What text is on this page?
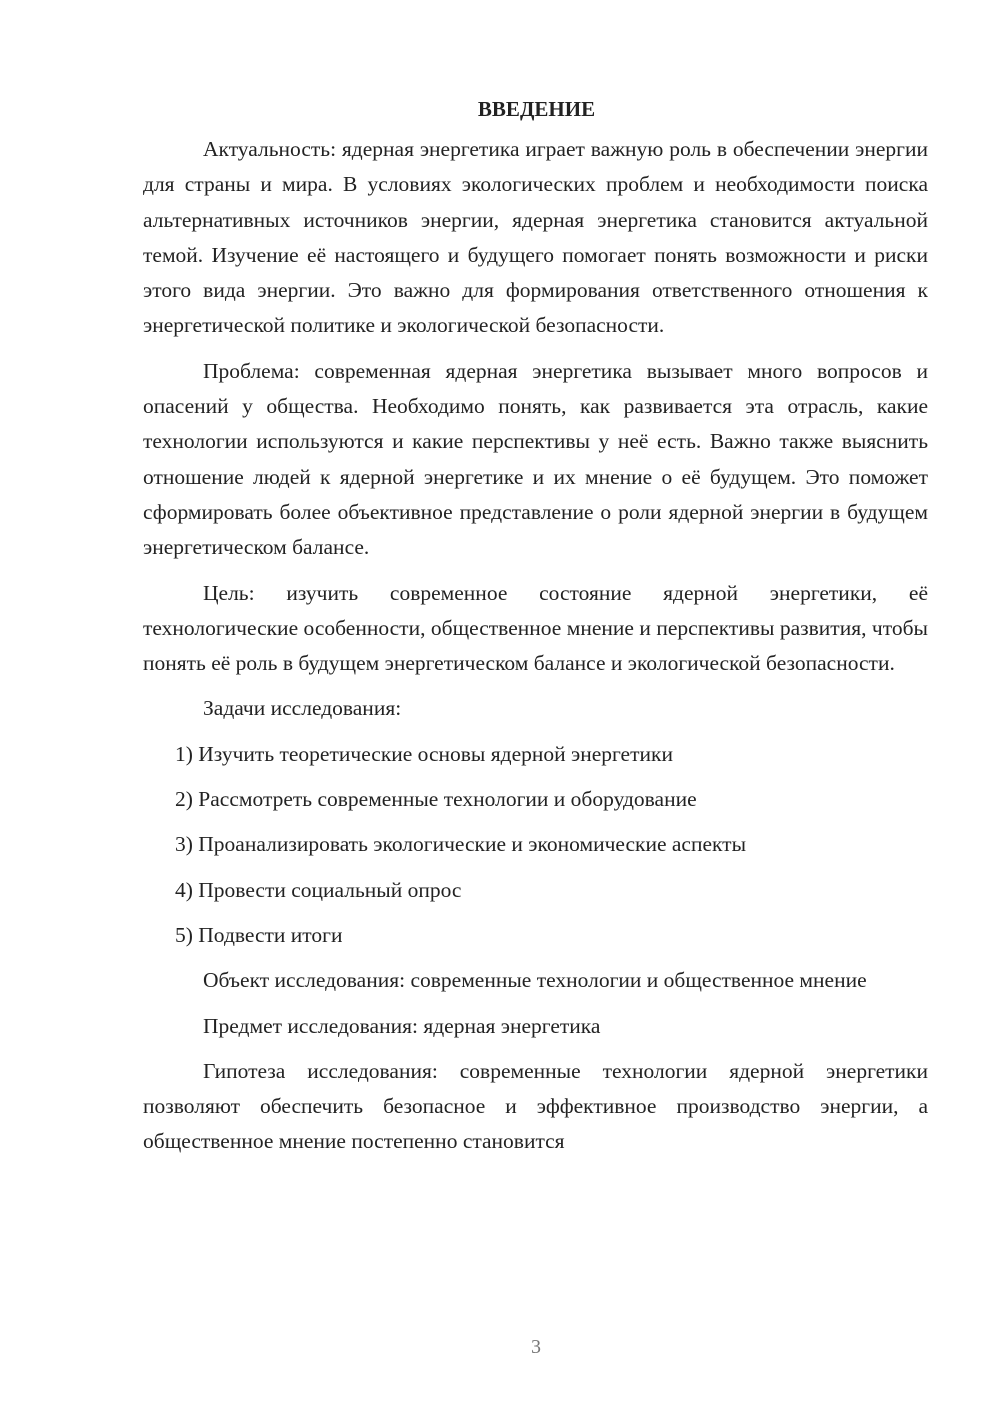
ВВЕДЕНИЕ

Актуальность: ядерная энергетика играет важную роль в обеспечении энергии для страны и мира. В условиях экологических проблем и необходимости поиска альтернативных источников энергии, ядерная энергетика становится актуальной темой. Изучение её настоящего и будущего помогает понять возможности и риски этого вида энергии. Это важно для формирования ответственного отношения к энергетической политике и экологической безопасности.

Проблема: современная ядерная энергетика вызывает много вопросов и опасений у общества. Необходимо понять, как развивается эта отрасль, какие технологии используются и какие перспективы у неё есть. Важно также выяснить отношение людей к ядерной энергетике и их мнение о её будущем. Это поможет сформировать более объективное представление о роли ядерной энергии в будущем энергетическом балансе.

Цель: изучить современное состояние ядерной энергетики, её технологические особенности, общественное мнение и перспективы развития, чтобы понять её роль в будущем энергетическом балансе и экологической безопасности.

Задачи исследования:

1) Изучить теоретические основы ядерной энергетики
2) Рассмотреть современные технологии и оборудование
3) Проанализировать экологические и экономические аспекты
4) Провести социальный опрос
5) Подвести итоги

Объект исследования: современные технологии и общественное мнение

Предмет исследования: ядерная энергетика

Гипотеза исследования: современные технологии ядерной энергетики позволяют обеспечить безопасное и эффективное производство энергии, а общественное мнение постепенно становится

3
